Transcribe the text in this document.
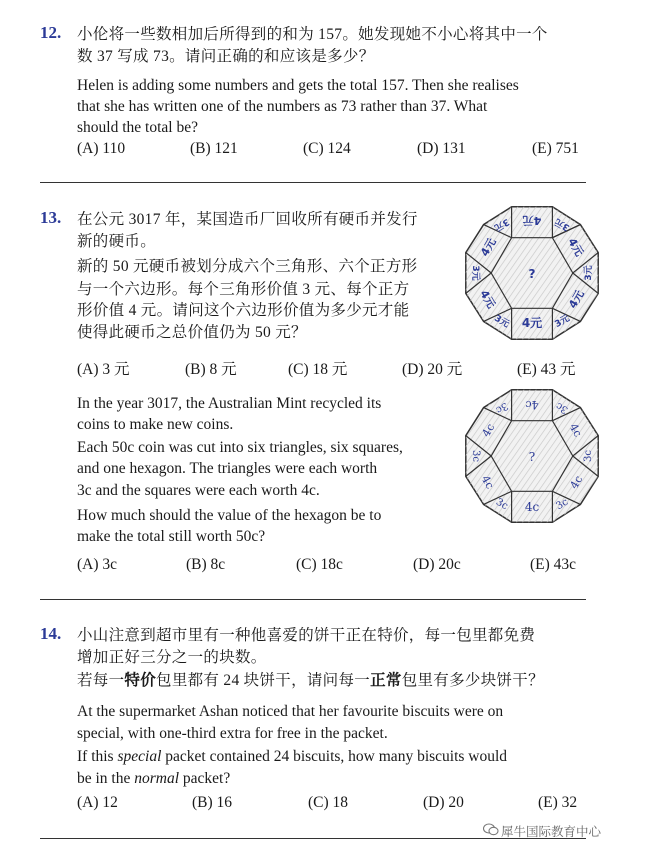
12. 小伦将一些数相加后所得到的和为 157。她发现她不小心将其中一个
数 37 写成 73。请问正确的和应该是多少？
Helen is adding some numbers and gets the total 157. Then she realises
that she has written one of the numbers as 73 rather than 37. What
should the total be?
(A) 110	(B) 121	(C) 124	(D) 131	(E) 751
13. 在公元 3017 年，某国造币厂回收所有硬币并发行
新的硬币。
新的 50 元硬币被划分成六个三角形、六个正方形
与一个六边形。每个三角形价值 3 元、每个正方
形价值 4 元。请问这个六边形价值为多少元才能
使得此硬币之总价值仍为 50 元？
?
4元
4元
4元	4元
4元	4元
3元	3元
3元	3元
3元	3元
(A) 3 元	(B) 8 元	(C) 18 元	(D) 20 元	(E) 43 元
In the year 3017, the Australian Mint recycled its
coins to make new coins.
Each 50c coin was cut into six triangles, six squares,
and one hexagon. The triangles were each worth
3c and the squares were each worth 4c.
How much should the value of the hexagon be to
make the total still worth 50c?
?
4c
4c
4c	4c
4c	4c
3c	3c
3c	3c
3c	3c
(A) 3c	(B) 8c	(C) 18c	(D) 20c	(E) 43c
14. 小山注意到超市里有一种他喜爱的饼干正在特价，每一包里都免费
增加正好三分之一的块数。
若每一特价包里都有 24 块饼干，请问每一正常包里有多少块饼干？
At the supermarket Ashan noticed that her favourite biscuits were on
special, with one-third extra for free in the packet.
If this special packet contained 24 biscuits, how many biscuits would
be in the normal packet?
(A) 12	(B) 16	(C) 18	(D) 20	(E) 32
犀牛国际教育中心
